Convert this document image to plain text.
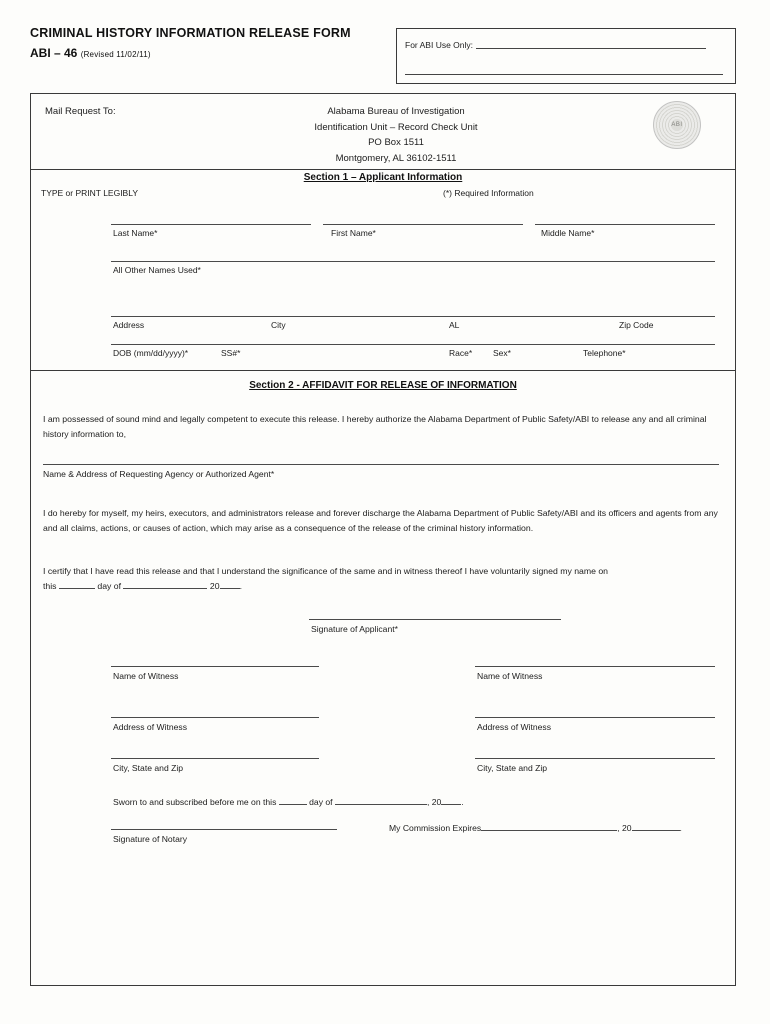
CRIMINAL HISTORY INFORMATION RELEASE FORM
ABI – 46 (Revised 11/02/11)
For ABI Use Only:
Mail Request To:	Alabama Bureau of Investigation
Identification Unit – Record Check Unit
PO Box 1511
Montgomery, AL 36102-1511
ABI
Section 1 – Applicant Information
TYPE or PRINT LEGIBLY	(*) Required Information
Last Name*	First Name*	Middle Name*
All Other Names Used*
Address	City	AL	Zip Code
DOB (mm/dd/yyyy)*	SS#*	Race* Sex*	Telephone*
Section 2 - AFFIDAVIT FOR RELEASE OF INFORMATION
I am possessed of sound mind and legally competent to execute this release. I hereby authorize the Alabama Department of Public Safety/ABI to release any and all criminal history information to,
Name & Address of Requesting Agency or Authorized Agent*
I do hereby for myself, my heirs, executors, and administrators release and forever discharge the Alabama Department of Public Safety/ABI and its officers and agents from any and all claims, actions, or causes of action, which may arise as a consequence of the release of the criminal history information.
I certify that I have read this release and that I understand the significance of the same and in witness thereof I have voluntarily signed my name on
this	day of	20 .
Signature of Applicant*
Name of Witness
Address of Witness
City, State and Zip
Name of Witness
Address of Witness
City, State and Zip
Sworn to and subscribed before me on this	day of	, 20 .
Signature of Notary
My Commission Expires	, 20	.
